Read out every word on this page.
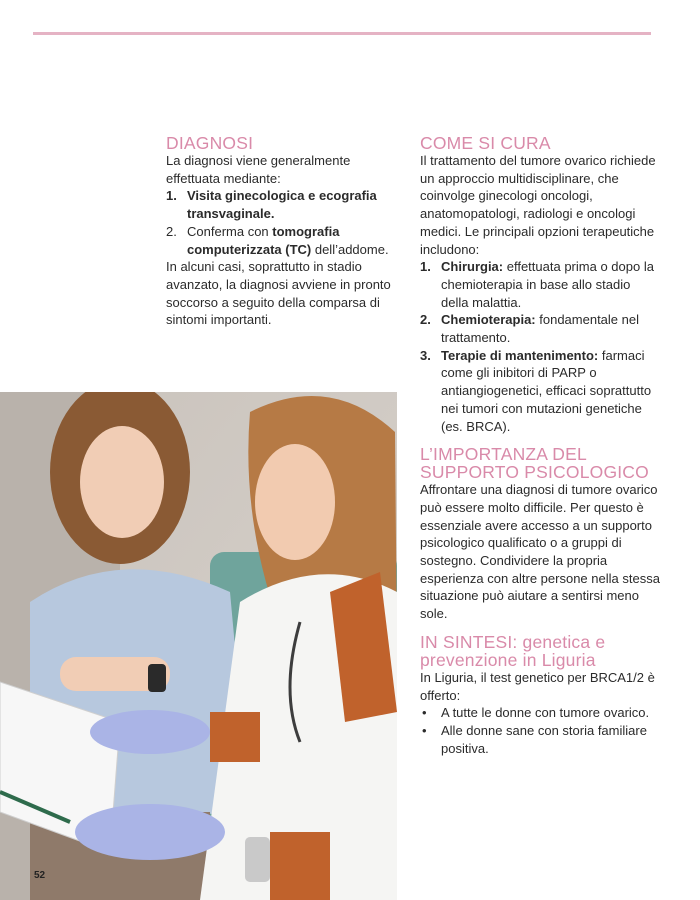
DIAGNOSI

La diagnosi viene generalmente effettuata mediante:

1. Visita ginecologica e ecografia transvaginale.
2. Conferma con tomografia computerizzata (TC) dell’addome.

In alcuni casi, soprattutto in stadio avanzato, la diagnosi avviene in pronto soccorso a seguito della comparsa di sintomi importanti.

COME SI CURA

Il trattamento del tumore ovarico richiede un approccio multidisciplinare, che coinvolge ginecologi oncologi, anatomopatologi, radiologi e oncologi medici. Le principali opzioni terapeutiche includono:

1. Chirurgia: effettuata prima o dopo la chemioterapia in base allo stadio della malattia.
2. Chemioterapia: fondamentale nel trattamento.
3. Terapie di mantenimento: farmaci come gli inibitori di PARP o antiangiogenetici, efficaci soprattutto nei tumori con mutazioni genetiche (es. BRCA).
L’IMPORTANZA DEL SUPPORTO PSICOLOGICO

Affrontare una diagnosi di tumore ovarico può essere molto difficile. Per questo è essenziale avere accesso a un supporto psicologico qualificato o a gruppi di sostegno. Condividere la propria esperienza con altre persone nella stessa situazione può aiutare a sentirsi meno sole.

IN SINTESI: genetica e prevenzione in Liguria

In Liguria, il test genetico per BRCA1/2 è offerto:

• A tutte le donne con tumore ovarico.
• Alle donne sane con storia familiare positiva.
52
